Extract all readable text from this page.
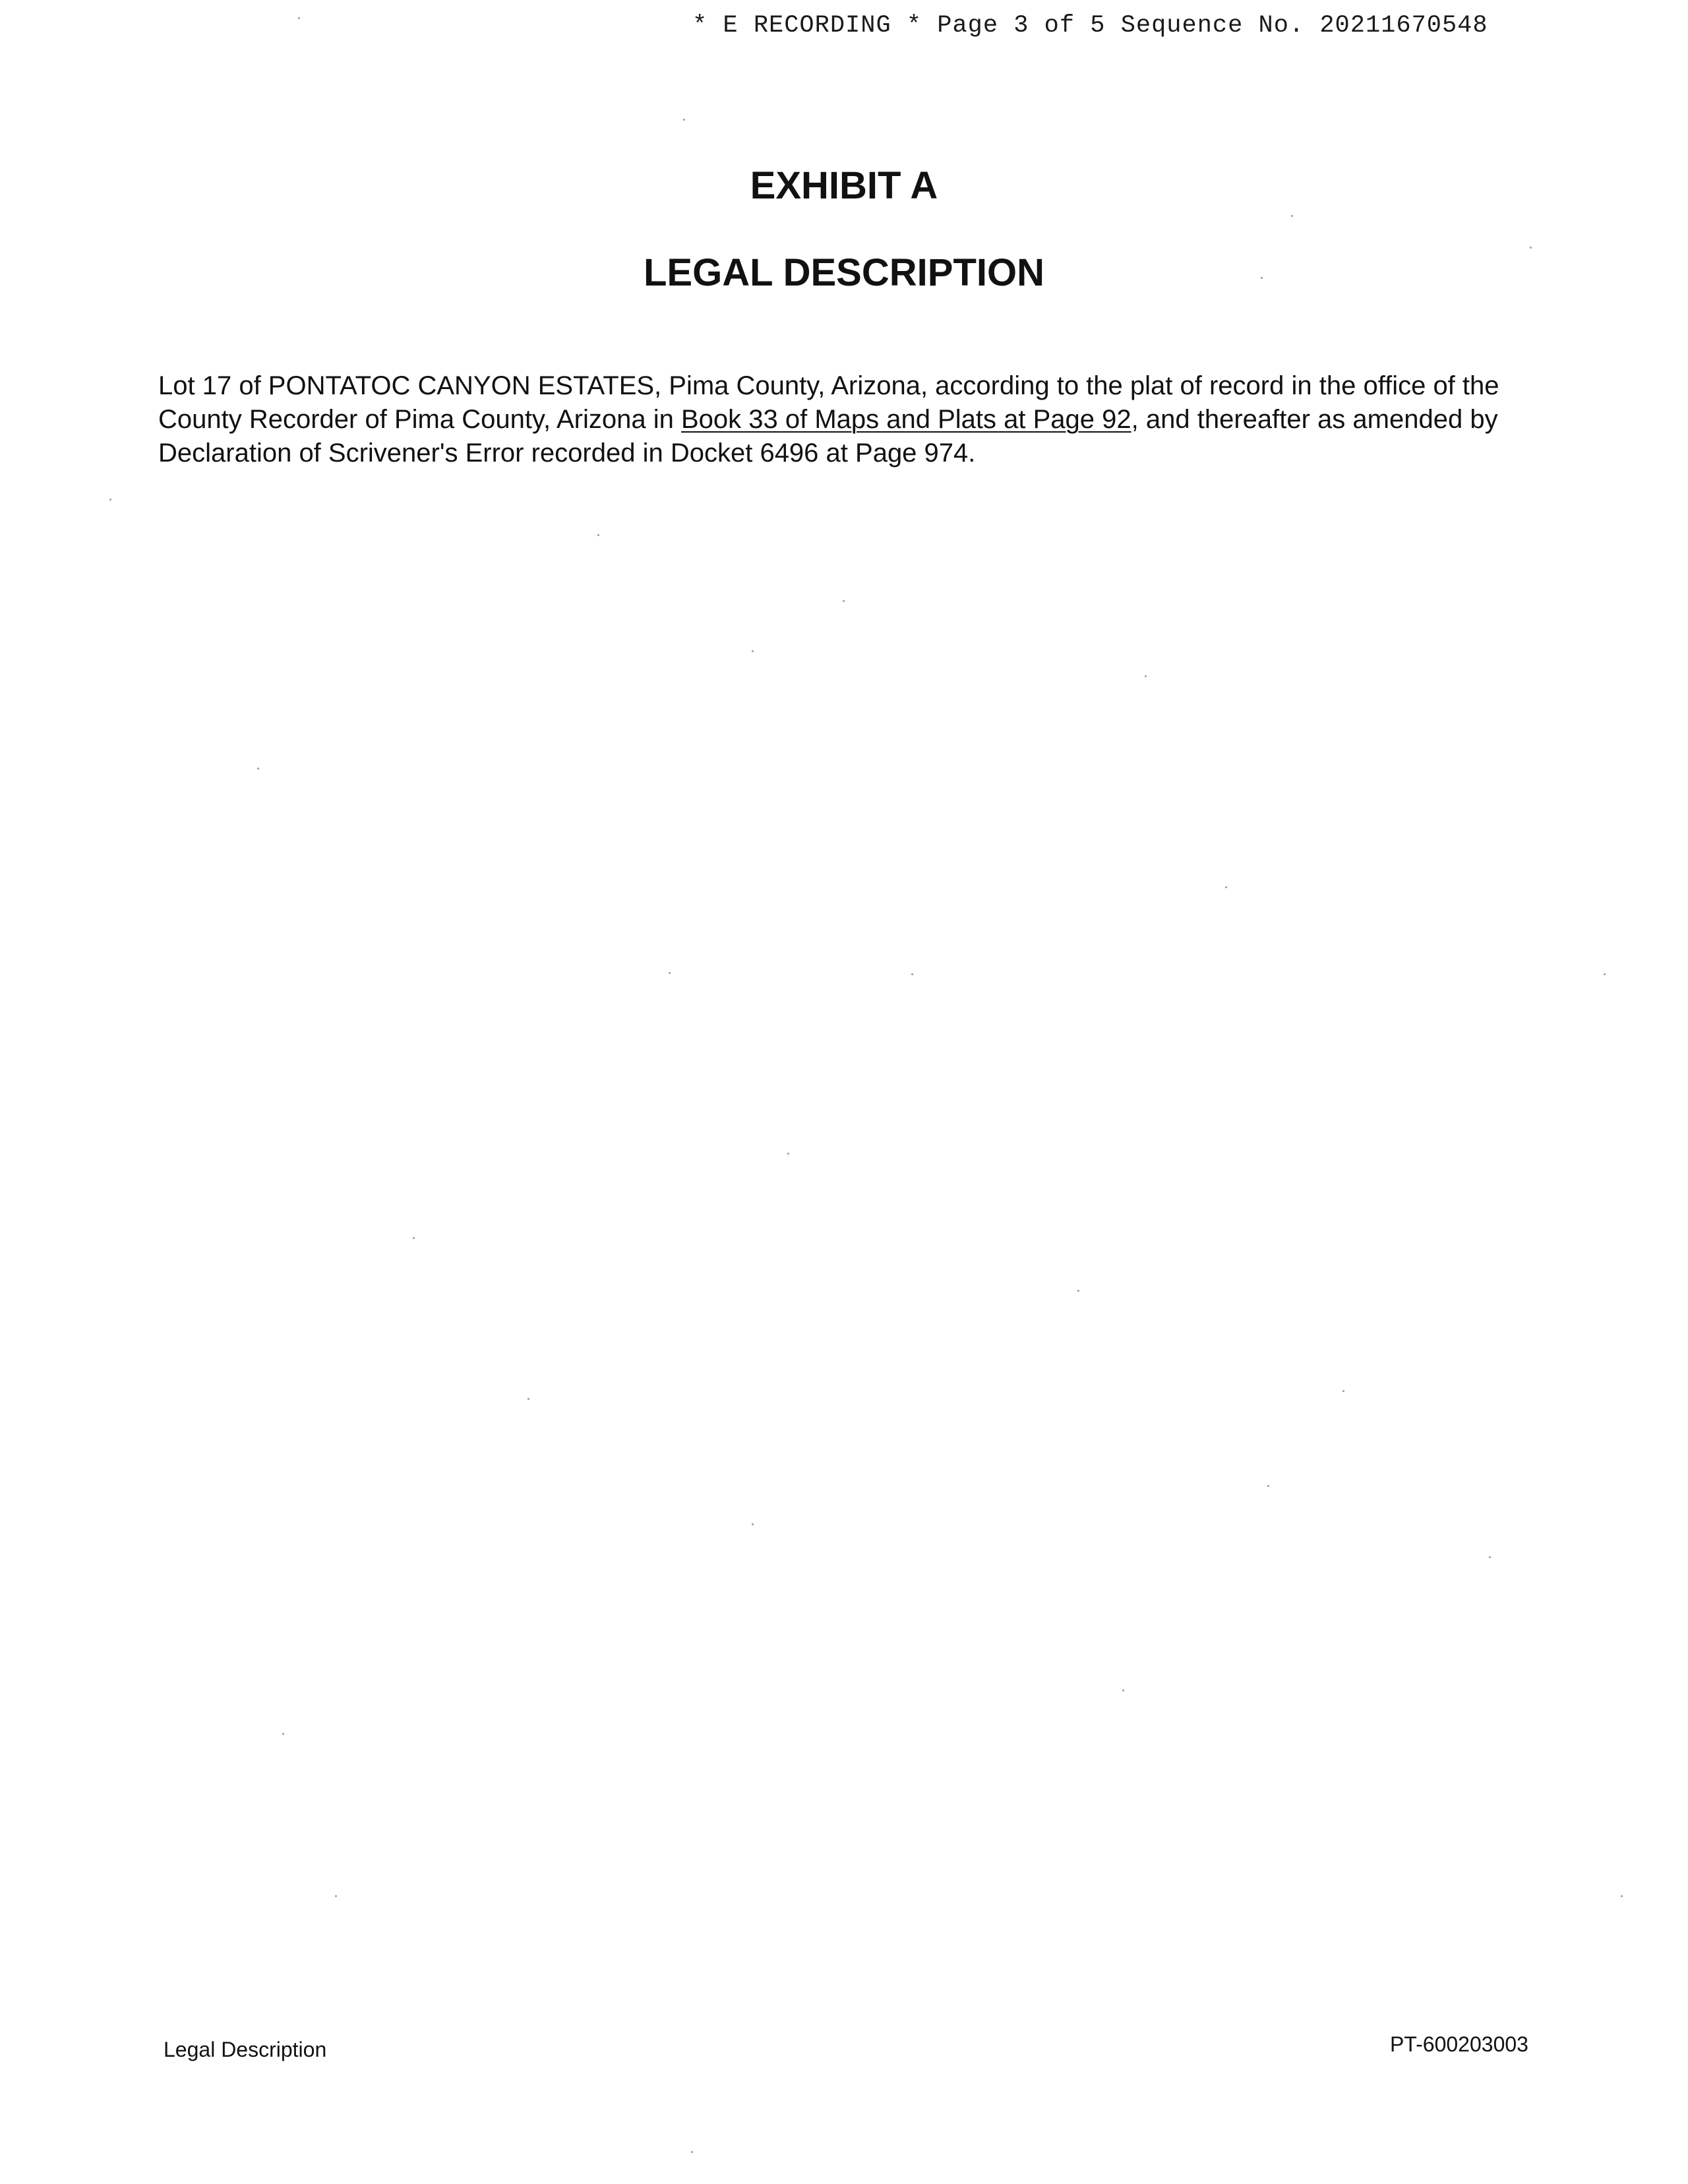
* E RECORDING * Page 3 of 5 Sequence No. 20211670548
EXHIBIT A
LEGAL DESCRIPTION

Lot 17 of PONTATOC CANYON ESTATES, Pima County, Arizona, according to the plat of record in the office of the County Recorder of Pima County, Arizona in Book 33 of Maps and Plats at Page 92, and thereafter as amended by Declaration of Scrivener's Error recorded in Docket 6496 at Page 974.

Legal Description	PT-600203003
